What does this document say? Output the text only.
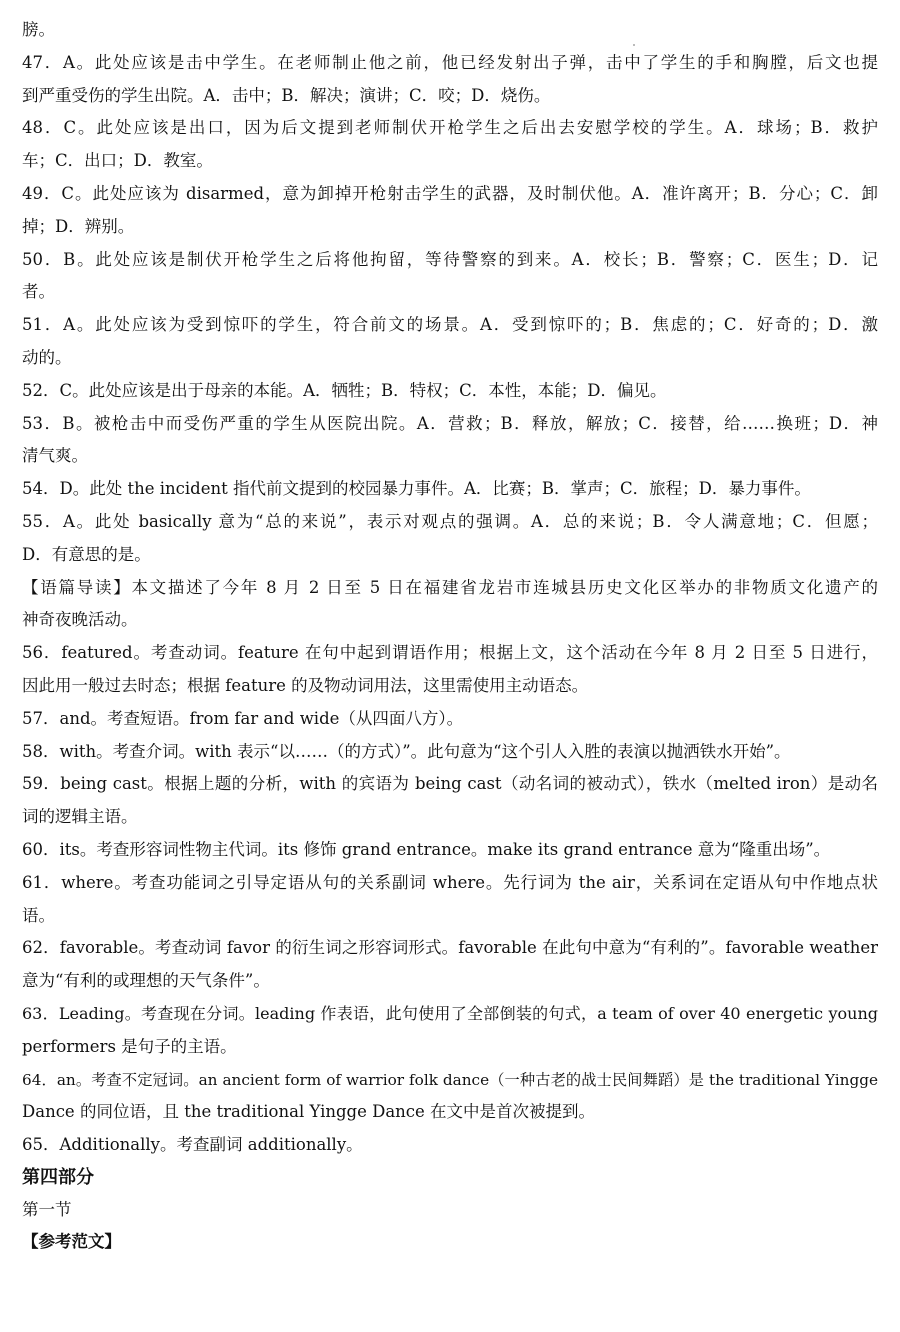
膀。
47．A。此处应该是击中学生。在老师制止他之前，他已经发射出子弹，击中了学生的手和胸膛，后文也提
到严重受伤的学生出院。A．击中；B．解决；演讲；C．咬；D．烧伤。
48．C。此处应该是出口，因为后文提到老师制伏开枪学生之后出去安慰学校的学生。A．球场；B．救护
车；C．出口；D．教室。
49．C。此处应该为 disarmed，意为卸掉开枪射击学生的武器，及时制伏他。A．准许离开；B．分心；C．卸
掉；D．辨别。
50．B。此处应该是制伏开枪学生之后将他拘留，等待警察的到来。A．校长；B．警察；C．医生；D．记
者。
51．A。此处应该为受到惊吓的学生，符合前文的场景。A．受到惊吓的；B．焦虑的；C．好奇的；D．激
动的。
52．C。此处应该是出于母亲的本能。A．牺牲；B．特权；C．本性，本能；D．偏见。
53．B。被枪击中而受伤严重的学生从医院出院。A．营救；B．释放，解放；C．接替，给……换班；D．神
清气爽。
54．D。此处 the incident 指代前文提到的校园暴力事件。A．比赛；B．掌声；C．旅程；D．暴力事件。
55．A。此处 basically 意为“总的来说”，表示对观点的强调。A．总的来说；B．令人满意地；C．但愿；
D．有意思的是。
【语篇导读】本文描述了今年 8 月 2 日至 5 日在福建省龙岩市连城县历史文化区举办的非物质文化遗产的
神奇夜晚活动。
56．featured。考查动词。feature 在句中起到谓语作用；根据上文，这个活动在今年 8 月 2 日至 5 日进行，
因此用一般过去时态；根据 feature 的及物动词用法，这里需使用主动语态。
57．and。考查短语。from far and wide（从四面八方）。
58．with。考查介词。with 表示“以……（的方式）”。此句意为“这个引人入胜的表演以抛洒铁水开始”。
59．being cast。根据上题的分析，with 的宾语为 being cast（动名词的被动式），铁水（melted iron）是动名
词的逻辑主语。
60．its。考查形容词性物主代词。its 修饰 grand entrance。make its grand entrance 意为“隆重出场”。
61．where。考查功能词之引导定语从句的关系副词 where。先行词为 the air，关系词在定语从句中作地点状
语。
62．favorable。考查动词 favor 的衍生词之形容词形式。favorable 在此句中意为“有利的”。favorable weather
意为“有利的或理想的天气条件”。
63．Leading。考查现在分词。leading 作表语，此句使用了全部倒装的句式，a team of over 40 energetic young
performers 是句子的主语。
64．an。考查不定冠词。an ancient form of warrior folk dance（一种古老的战士民间舞蹈）是 the traditional Yingge
Dance 的同位语，且 the traditional Yingge Dance 在文中是首次被提到。
65．Additionally。考查副词 additionally。
第四部分
第一节
【参考范文】
